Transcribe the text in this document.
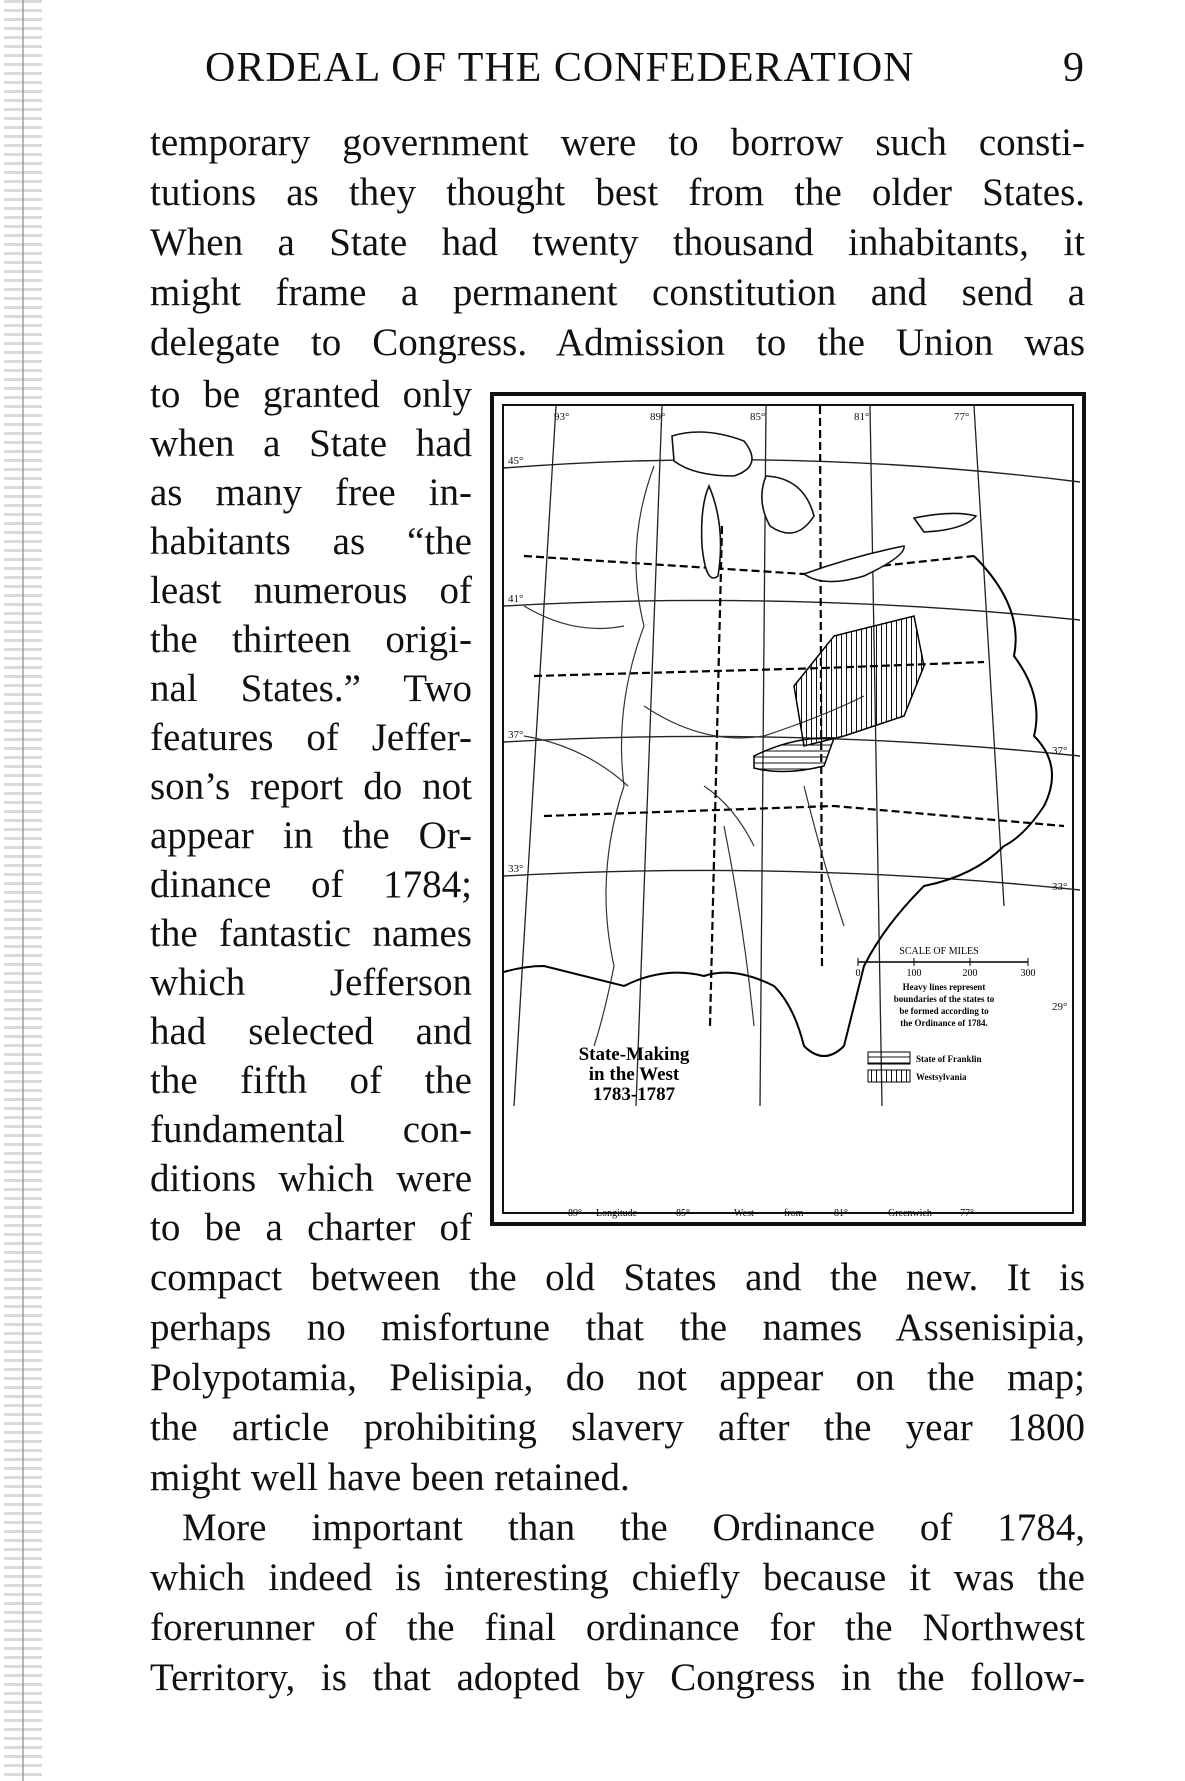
ORDEAL OF THE CONFEDERATION	9
temporary government were to borrow such consti-
tutions as they thought best from the older States.
When a State had twenty thousand inhabitants, it
might frame a permanent constitution and send a
delegate to Congress. Admission to the Union was
to be granted only
when a State had
as many free in-
habitants as “the
least numerous of
the thirteen origi-
nal States.” Two
features of Jeffer-
son’s report do not
appear in the Or-
dinance of 1784;
the fantastic names
which Jefferson
had selected and
the fifth of the
fundamental con-
ditions which were
to be a charter of
compact between the old States and the new. It is
perhaps no misfortune that the names Assenisipia,
Polypotamia, Pelisipia, do not appear on the map;
the article prohibiting slavery after the year 1800
might well have been retained.
More important than the Ordinance of 1784,
which indeed is interesting chiefly because it was the
forerunner of the final ordinance for the Northwest
Territory, is that adopted by Congress in the follow-
93°	89°	85°	81°	77°
45°
41°
37°
33°
37°
33°
29°
State-Making
in the West
1783-1787
SCALE OF MILES
0	100	200	300
Heavy lines represent
boundaries of the states to
be formed according to
the Ordinance of 1784.
State of Franklin
Westsylvania
89° Longitude	85°	West	from	81°	Greenwich	77°
